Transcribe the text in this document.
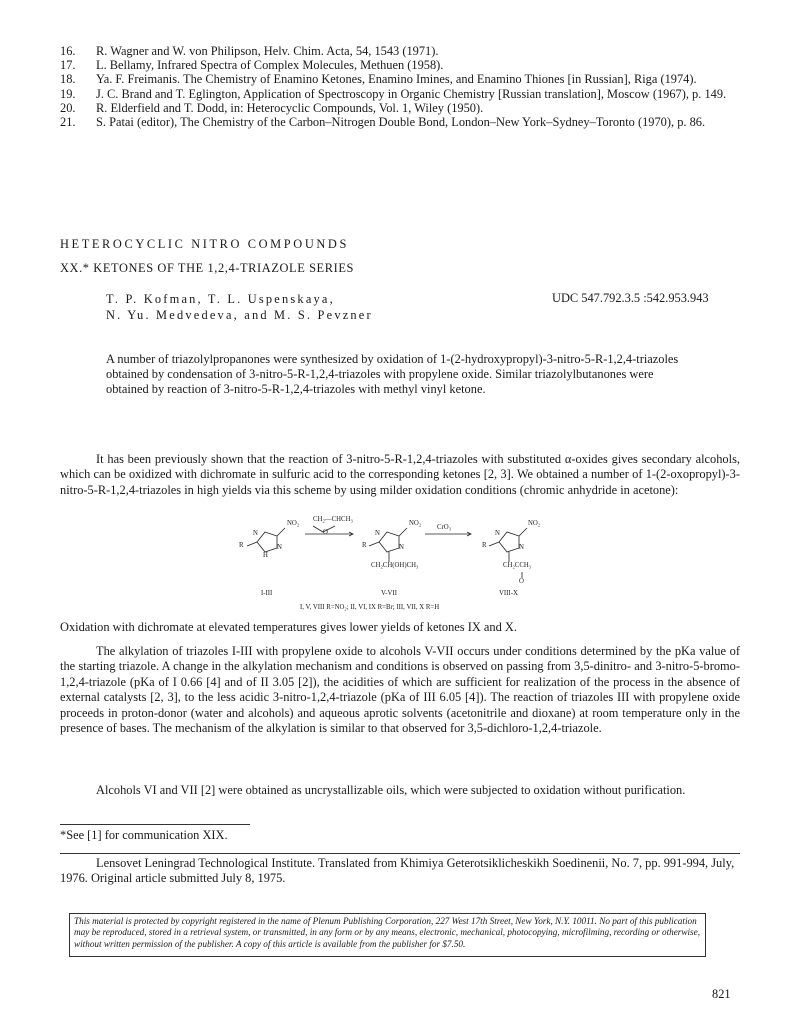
16.	R. Wagner and W. von Philipson, Helv. Chim. Acta, 54, 1543 (1971).
17.	L. Bellamy, Infrared Spectra of Complex Molecules, Methuen (1958).
18.	Ya. F. Freimanis. The Chemistry of Enamino Ketones, Enamino Imines, and Enamino Thiones [in Russian], Riga (1974).
19.	J. C. Brand and T. Eglington, Application of Spectroscopy in Organic Chemistry [Russian translation], Moscow (1967), p. 149.
20.	R. Elderfield and T. Dodd, in: Heterocyclic Compounds, Vol. 1, Wiley (1950).
21.	S. Patai (editor), The Chemistry of the Carbon–Nitrogen Double Bond, London–New York–Sydney–Toronto (1970), p. 86.
HETEROCYCLIC NITRO COMPOUNDS
XX.* KETONES OF THE 1,2,4-TRIAZOLE SERIES
T. P. Kofman, T. L. Uspenskaya,
N. Yu. Medvedeva, and M. S. Pevzner
UDC 547.792.3.5 :542.953.943

A number of triazolylpropanones were synthesized by oxidation of 1-(2-hydroxypropyl)-3-nitro-5-R-1,2,4-triazoles obtained by condensation of 3-nitro-5-R-1,2,4-triazoles with propylene oxide. Similar triazolylbutanones were obtained by reaction of 3-nitro-5-R-1,2,4-triazoles with methyl vinyl ketone.

It has been previously shown that the reaction of 3-nitro-5-R-1,2,4-triazoles with substituted α-oxides gives secondary alcohols, which can be oxidized with dichromate in sulfuric acid to the corresponding ketones [2, 3]. We obtained a number of 1-(2-oxopropyl)-3-nitro-5-R-1,2,4-triazoles in high yields via this scheme by using milder oxidation conditions (chromic anhydride in acetone):

NO₂
N
R	N
H
CH₂—CHCH₃
O
NO₂
N
R	N
CH₂CH(OH)CH₃
CrO₃
NO₂
N
R	N
CH₂CCH₃
O
I-III	V-VII	VIII-X
I, V, VIII R=NO₂; II, VI, IX R=Br; III, VII, X R=H

Oxidation with dichromate at elevated temperatures gives lower yields of ketones IX and X.

The alkylation of triazoles I-III with propylene oxide to alcohols V-VII occurs under conditions determined by the pKa value of the starting triazole. A change in the alkylation mechanism and conditions is observed on passing from 3,5-dinitro- and 3-nitro-5-bromo-1,2,4-triazole (pKa of I 0.66 [4] and of II 3.05 [2]), the acidities of which are sufficient for realization of the process in the absence of external catalysts [2, 3], to the less acidic 3-nitro-1,2,4-triazole (pKa of III 6.05 [4]). The reaction of triazoles III with propylene oxide proceeds in proton-donor (water and alcohols) and aqueous aprotic solvents (acetonitrile and dioxane) at room temperature only in the presence of bases. The mechanism of the alkylation is similar to that observed for 3,5-dichloro-1,2,4-triazole.

Alcohols VI and VII [2] were obtained as uncrystallizable oils, which were subjected to oxidation without purification.

*See [1] for communication XIX.

Lensovet Leningrad Technological Institute. Translated from Khimiya Geterotsiklicheskikh Soedinenii, No. 7, pp. 991-994, July, 1976. Original article submitted July 8, 1975.

This material is protected by copyright registered in the name of Plenum Publishing Corporation, 227 West 17th Street, New York, N.Y. 10011. No part of this publication may be reproduced, stored in a retrieval system, or transmitted, in any form or by any means, electronic, mechanical, photocopying, microfilming, recording or otherwise, without written permission of the publisher. A copy of this article is available from the publisher for $7.50.
821
